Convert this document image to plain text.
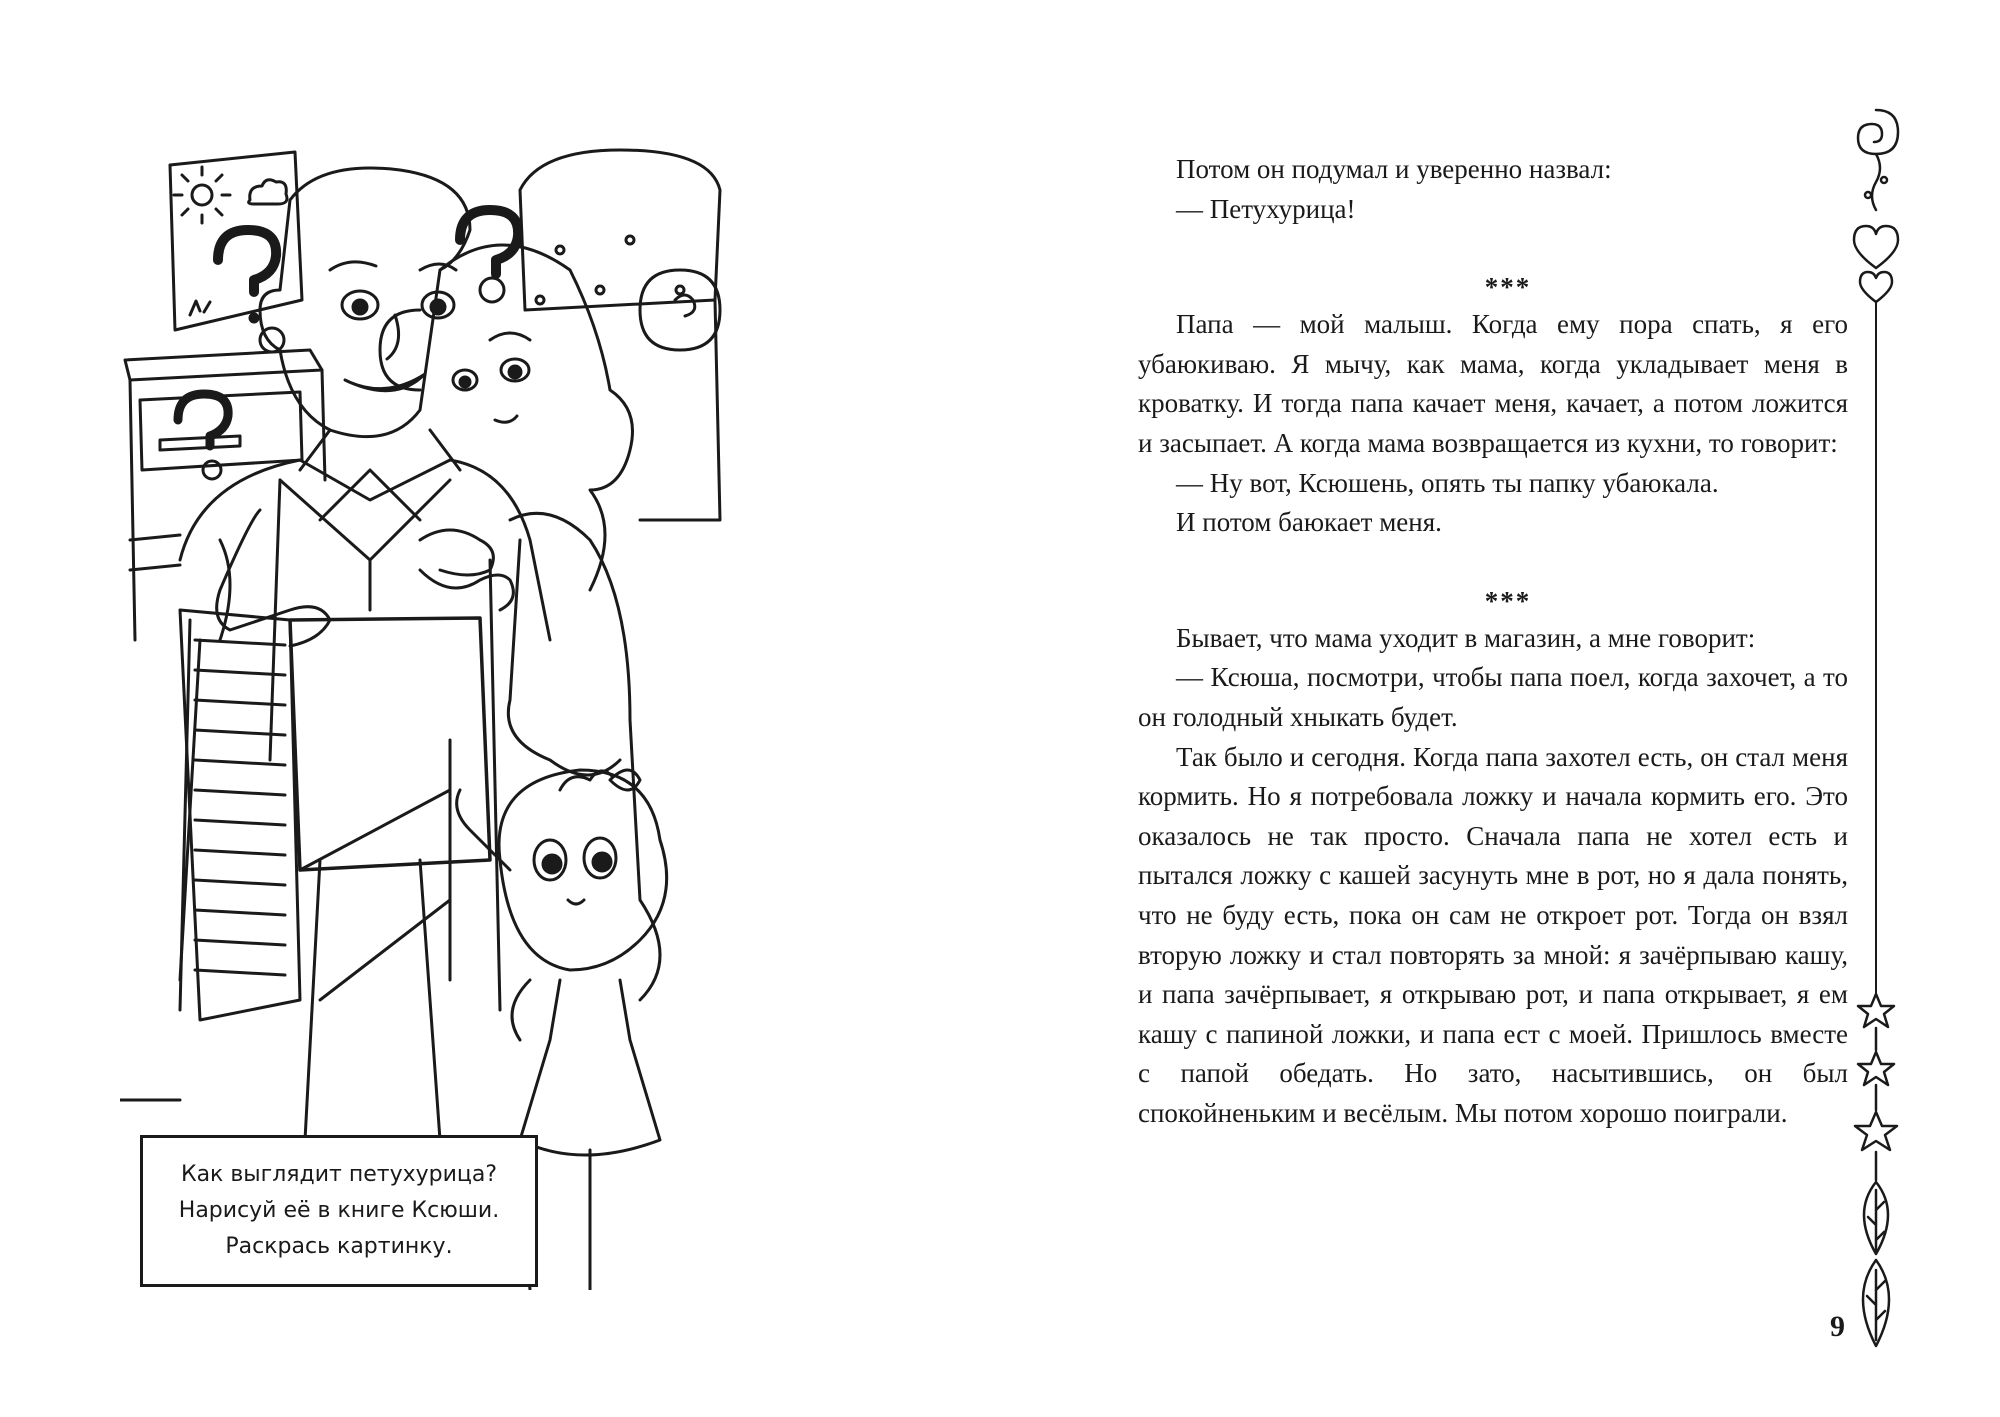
Как выглядит петухурица?
Нарисуй её в книге Ксюши.
Раскрась картинку.

Потом он подумал и уверенно назвал:

— Петухурица!

***

Папа — мой малыш. Когда ему пора спать, я его убаюкиваю. Я мычу, как мама, когда укладывает меня в кроватку. И тогда папа качает меня, качает, а потом ложится и засыпает. А когда мама возвращается из кухни, то говорит:

— Ну вот, Ксюшень, опять ты папку убаюкала.

И потом баюкает меня.

***

Бывает, что мама уходит в магазин, а мне говорит:

— Ксюша, посмотри, чтобы папа поел, когда захочет, а то он голодный хныкать будет.

Так было и сегодня. Когда папа захотел есть, он стал меня кормить. Но я потребовала ложку и начала кормить его. Это оказалось не так просто. Сначала папа не хотел есть и пытался ложку с кашей засунуть мне в рот, но я дала понять, что не буду есть, пока он сам не откроет рот. Тогда он взял вторую ложку и стал повторять за мной: я зачёрпываю кашу, и папа зачёрпывает, я открываю рот, и папа открывает, я ем кашу с папиной ложки, и папа ест с моей. Пришлось вместе с папой обедать. Но зато, насытившись, он был спокойненьким и весёлым. Мы потом хорошо поиграли.

9
